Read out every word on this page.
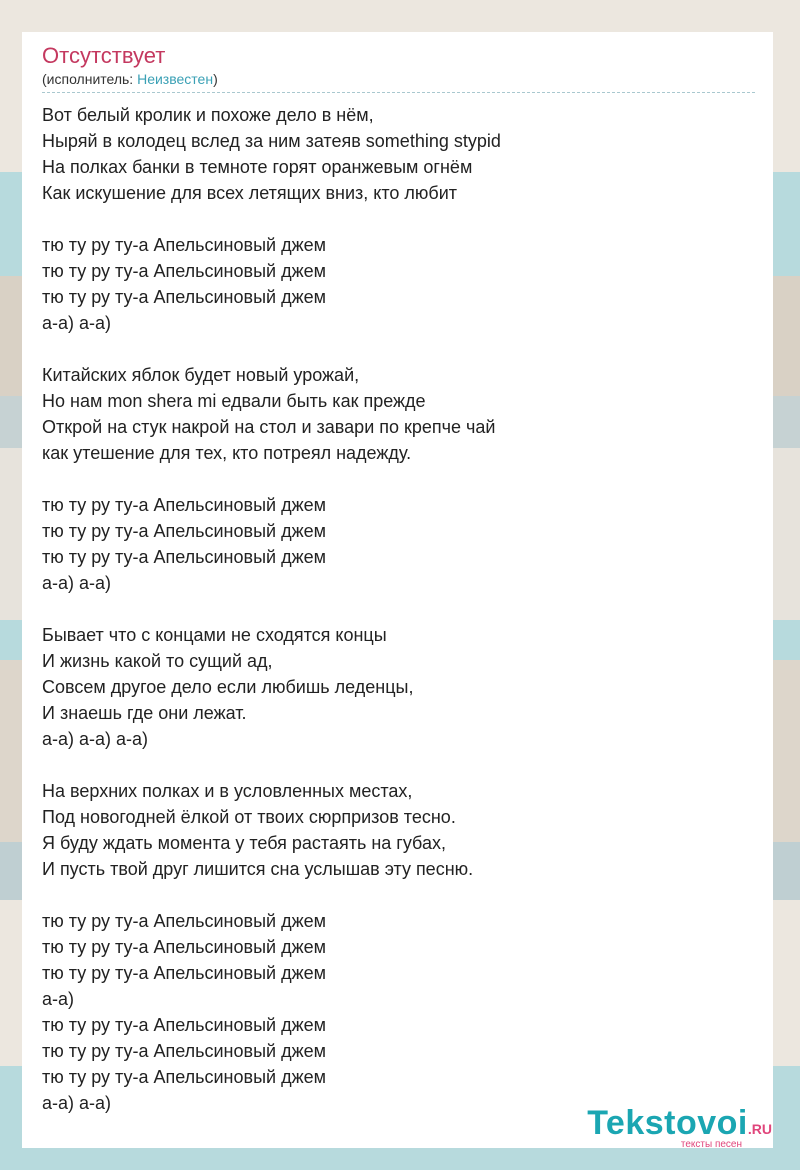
Отсутствует
(исполнитель: Неизвестен)
Вот белый кролик и похоже дело в нём,
Ныряй в колодец вслед за ним затеяв something stypid
На полках банки в темноте горят оранжевым огнём
Как искушение для всех летящих вниз, кто любит
тю ту ру ту-а Апельсиновый джем
тю ту ру ту-а Апельсиновый джем
тю ту ру ту-а Апельсиновый джем
а-а) а-а)
Китайских яблок будет новый урожай,
Но нам mon shera mi едвали быть как прежде
Открой на стук накрой на стол и завари по крепче чай
как утешение для тех, кто потреял надежду.
тю ту ру ту-а Апельсиновый джем
тю ту ру ту-а Апельсиновый джем
тю ту ру ту-а Апельсиновый джем
а-а) а-а)
Бывает что с концами не сходятся концы
И жизнь какой то сущий ад,
Совсем другое дело если любишь леденцы,
И знаешь где они лежат.
а-а) а-а) а-а)
На верхних полках и в условленных местах,
Под новогодней ёлкой от твоих сюрпризов тесно.
Я буду ждать момента у тебя растаять на губах,
И пусть твой друг лишится сна услышав эту песню.
тю ту ру ту-а Апельсиновый джем
тю ту ру ту-а Апельсиновый джем
тю ту ру ту-а Апельсиновый джем
а-а)
тю ту ру ту-а Апельсиновый джем
тю ту ру ту-а Апельсиновый джем
тю ту ру ту-а Апельсиновый джем
а-а) а-а)
Tekstovoi.RU
тексты песен
